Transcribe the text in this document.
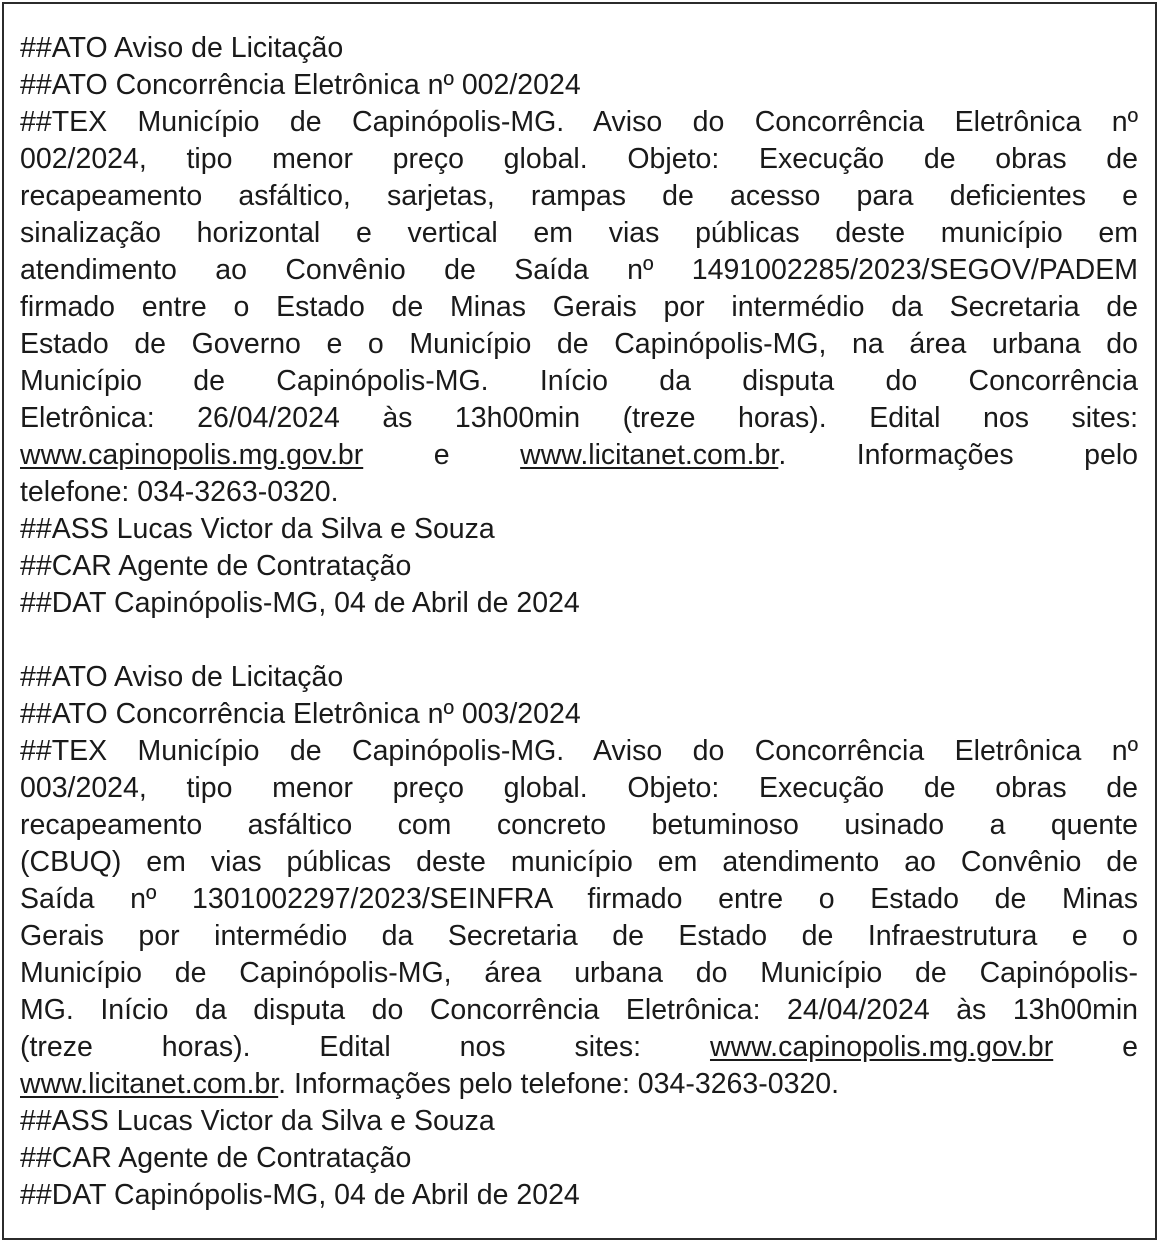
##ATO Aviso de Licitação
##ATO Concorrência Eletrônica nº 002/2024
##TEX Município de Capinópolis-MG. Aviso do Concorrência Eletrônica nº
002/2024, tipo menor preço global. Objeto: Execução de obras de
recapeamento asfáltico, sarjetas, rampas de acesso para deficientes e
sinalização horizontal e vertical em vias públicas deste município em
atendimento ao Convênio de Saída nº 1491002285/2023/SEGOV/PADEM
firmado entre o Estado de Minas Gerais por intermédio da Secretaria de
Estado de Governo e o Município de Capinópolis-MG, na área urbana do
Município de Capinópolis-MG. Início da disputa do Concorrência
Eletrônica: 26/04/2024 às 13h00min (treze horas). Edital nos sites:
www.capinopolis.mg.gov.br e www.licitanet.com.br. Informações pelo
telefone: 034-3263-0320.
##ASS Lucas Victor da Silva e Souza
##CAR Agente de Contratação
##DAT Capinópolis-MG, 04 de Abril de 2024
##ATO Aviso de Licitação
##ATO Concorrência Eletrônica nº 003/2024
##TEX Município de Capinópolis-MG. Aviso do Concorrência Eletrônica nº
003/2024, tipo menor preço global. Objeto: Execução de obras de
recapeamento asfáltico com concreto betuminoso usinado a quente
(CBUQ) em vias públicas deste município em atendimento ao Convênio de
Saída nº 1301002297/2023/SEINFRA firmado entre o Estado de Minas
Gerais por intermédio da Secretaria de Estado de Infraestrutura e o
Município de Capinópolis-MG, área urbana do Município de Capinópolis-
MG. Início da disputa do Concorrência Eletrônica: 24/04/2024 às 13h00min
(treze horas). Edital nos sites: www.capinopolis.mg.gov.br e
www.licitanet.com.br. Informações pelo telefone: 034-3263-0320.
##ASS Lucas Victor da Silva e Souza
##CAR Agente de Contratação
##DAT Capinópolis-MG, 04 de Abril de 2024
